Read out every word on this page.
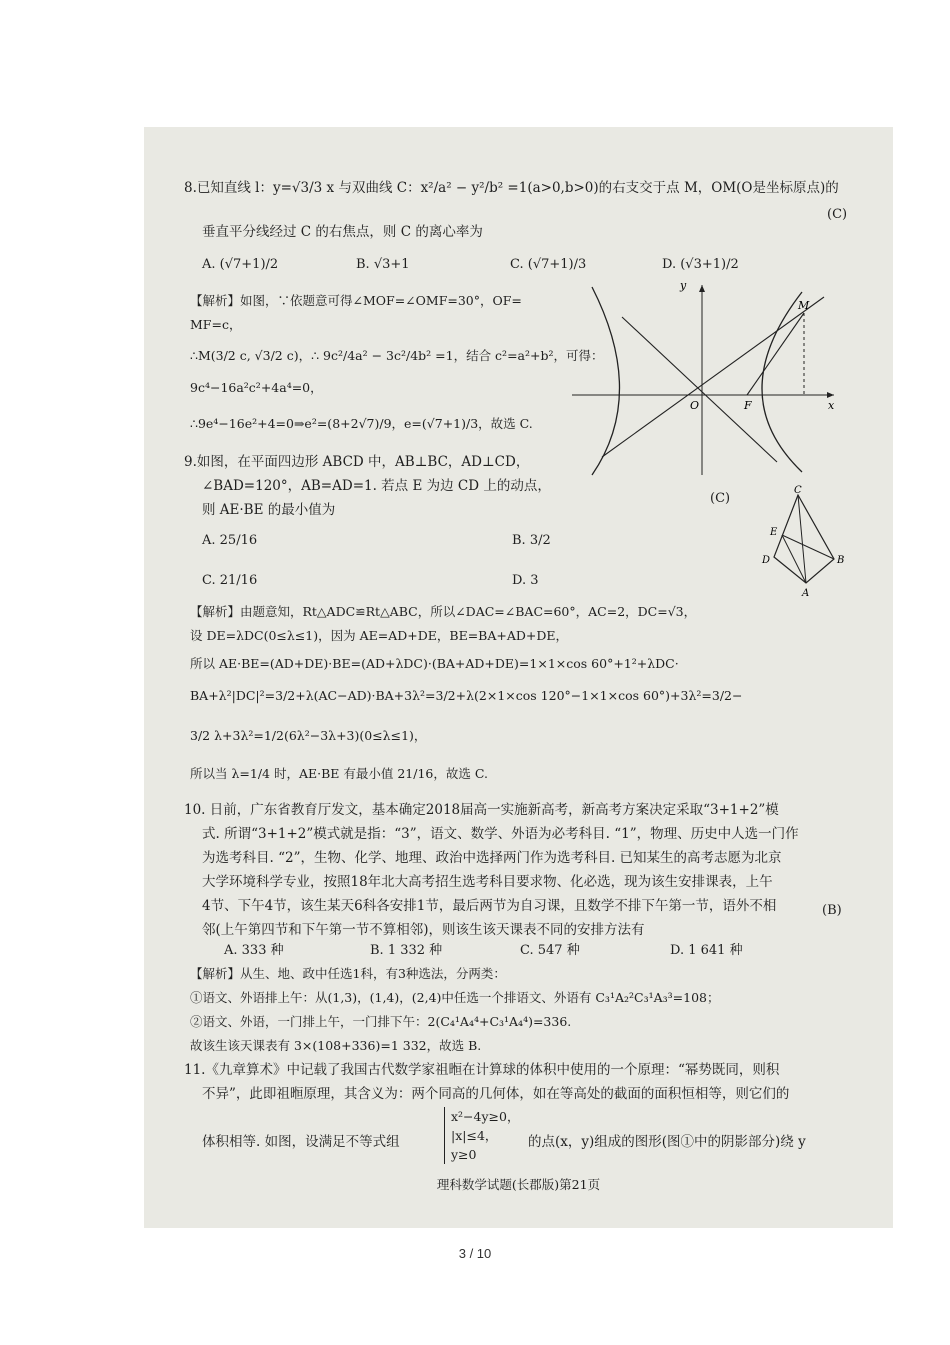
8.已知直线 l：y=√3/3 x 与双曲线 C：x²/a² − y²/b² =1(a>0,b>0)的右支交于点 M，OM(O是坐标原点)的
(C)
垂直平分线经过 C 的右焦点，则 C 的离心率为
A. (√7+1)/2	B. √3+1	C. (√7+1)/3	D. (√3+1)/2
【解析】如图，∵依题意可得∠MOF=∠OMF=30°，OF=
MF=c，
∴M(3/2 c, √3/2 c)，∴ 9c²/4a² − 3c²/4b² =1，结合 c²=a²+b²，可得：
9c⁴−16a²c²+4a⁴=0，
∴9e⁴−16e²+4=0⇒e²=(8+2√7)/9，e=(√7+1)/3，故选 C.
y
x
O	F
M
9.如图，在平面四边形 ABCD 中，AB⊥BC，AD⊥CD，
∠BAD=120°，AB=AD=1. 若点 E 为边 CD 上的动点，
则 AE·BE 的最小值为
(C)
A. 25/16	B. 3/2
C. 21/16	D. 3
C
E
D	B
A
【解析】由题意知，Rt△ADC≌Rt△ABC，所以∠DAC=∠BAC=60°，AC=2，DC=√3，
设 DE=λDC(0≤λ≤1)，因为 AE=AD+DE，BE=BA+AD+DE，
所以 AE·BE=(AD+DE)·BE=(AD+λDC)·(BA+AD+DE)=1×1×cos 60°+1²+λDC·
BA+λ²|DC|²=3/2+λ(AC−AD)·BA+3λ²=3/2+λ(2×1×cos 120°−1×1×cos 60°)+3λ²=3/2−
3/2 λ+3λ²=1/2(6λ²−3λ+3)(0≤λ≤1)，
所以当 λ=1/4 时，AE·BE 有最小值 21/16，故选 C.
10. 日前，广东省教育厅发文，基本确定2018届高一实施新高考，新高考方案决定采取“3+1+2”模
式. 所谓“3+1+2”模式就是指：“3”，语文、数学、外语为必考科目. “1”，物理、历史中人选一门作
为选考科目. “2”，生物、化学、地理、政治中选择两门作为选考科目. 已知某生的高考志愿为北京
大学环境科学专业，按照18年北大高考招生选考科目要求物、化必选，现为该生安排课表，上午
4节、下午4节，该生某天6科各安排1节，最后两节为自习课，且数学不排下午第一节，语外不相
邻(上午第四节和下午第一节不算相邻)，则该生该天课表不同的安排方法有
(B)
A. 333 种	B. 1 332 种	C. 547 种	D. 1 641 种
【解析】从生、地、政中任选1科，有3种选法，分两类：
①语文、外语排上午：从(1,3)，(1,4)，(2,4)中任选一个排语文、外语有 C₃¹A₂²C₃¹A₃³=108；
②语文、外语，一门排上午，一门排下午：2(C₄¹A₄⁴+C₃¹A₄⁴)=336.
故该生该天课表有 3×(108+336)=1 332，故选 B.
11.《九章算术》中记载了我国古代数学家祖暅在计算球的体积中使用的一个原理：“幂势既同，则积
不异”，此即祖暅原理，其含义为：两个同高的几何体，如在等高处的截面的面积恒相等，则它们的
体积相等. 如图，设满足不等式组
x²−4y≥0，
|x|≤4，
y≥0
的点(x，y)组成的图形(图①中的阴影部分)绕 y
理科数学试题(长郡版)第21页
3 / 10
